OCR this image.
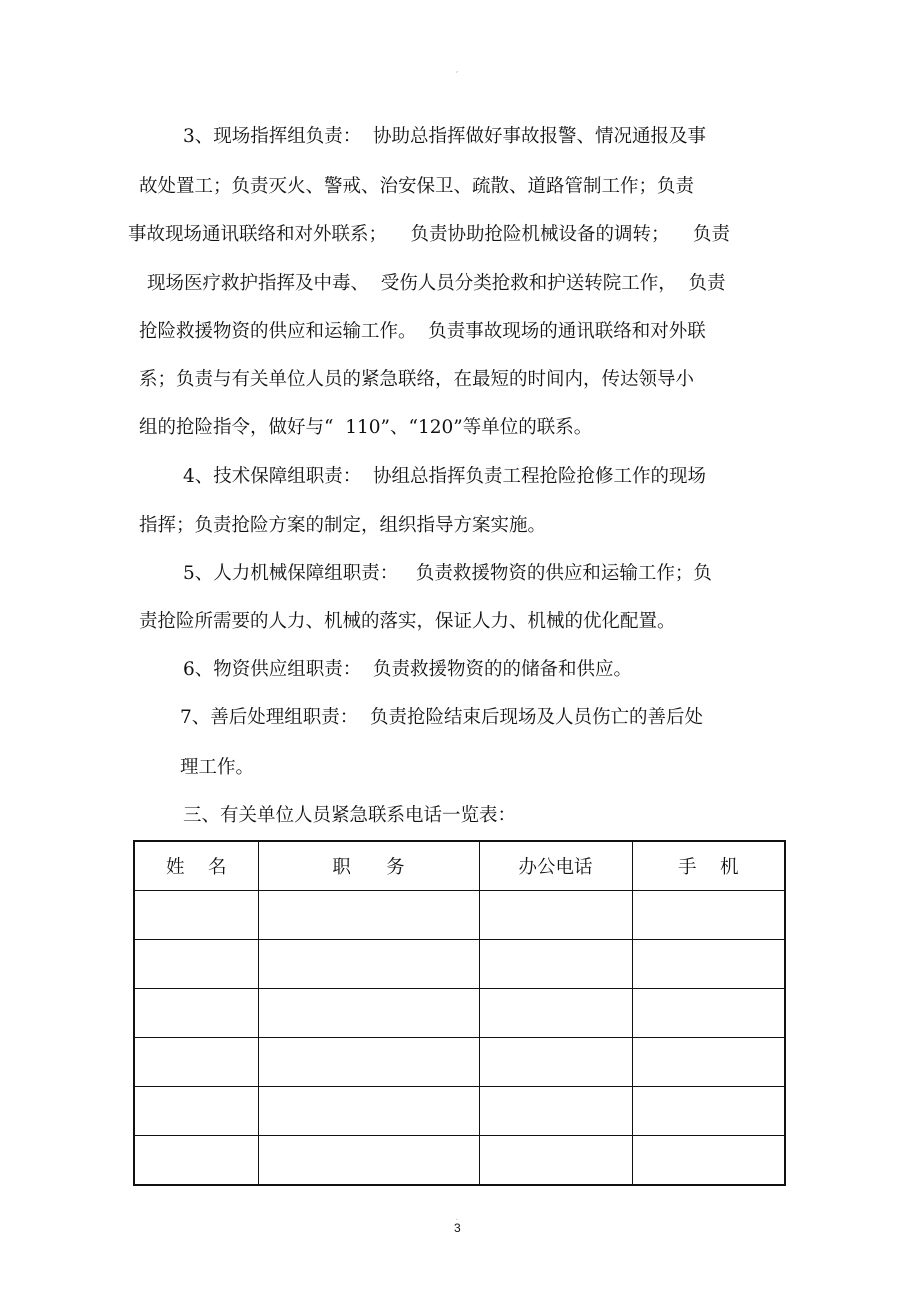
,
3、现场指挥组负责：  协助总指挥做好事故报警、情况通报及事
故处置工；负责灭火、警戒、治安保卫、疏散、道路管制工作；负责
事故现场通讯联络和对外联系；    负责协助抢险机械设备的调转；    负责
现场医疗救护指挥及中毒、  受伤人员分类抢救和护送转院工作，  负责
抢险救援物资的供应和运输工作。  负责事故现场的通讯联络和对外联
系；负责与有关单位人员的紧急联络，在最短的时间内，传达领导小
组的抢险指令，做好与“  110”、“120”等单位的联系。
4、技术保障组职责：  协组总指挥负责工程抢险抢修工作的现场
指挥；负责抢险方案的制定，组织指导方案实施。
5、人力机械保障组职责：   负责救援物资的供应和运输工作；负
责抢险所需要的人力、机械的落实，保证人力、机械的优化配置。
6、物资供应组职责：  负责救援物资的的储备和供应。
7、善后处理组职责：  负责抢险结束后现场及人员伤亡的善后处
理工作。
三、有关单位人员紧急联系电话一览表：
姓    名	职      务	办公电话	手    机

,
3
